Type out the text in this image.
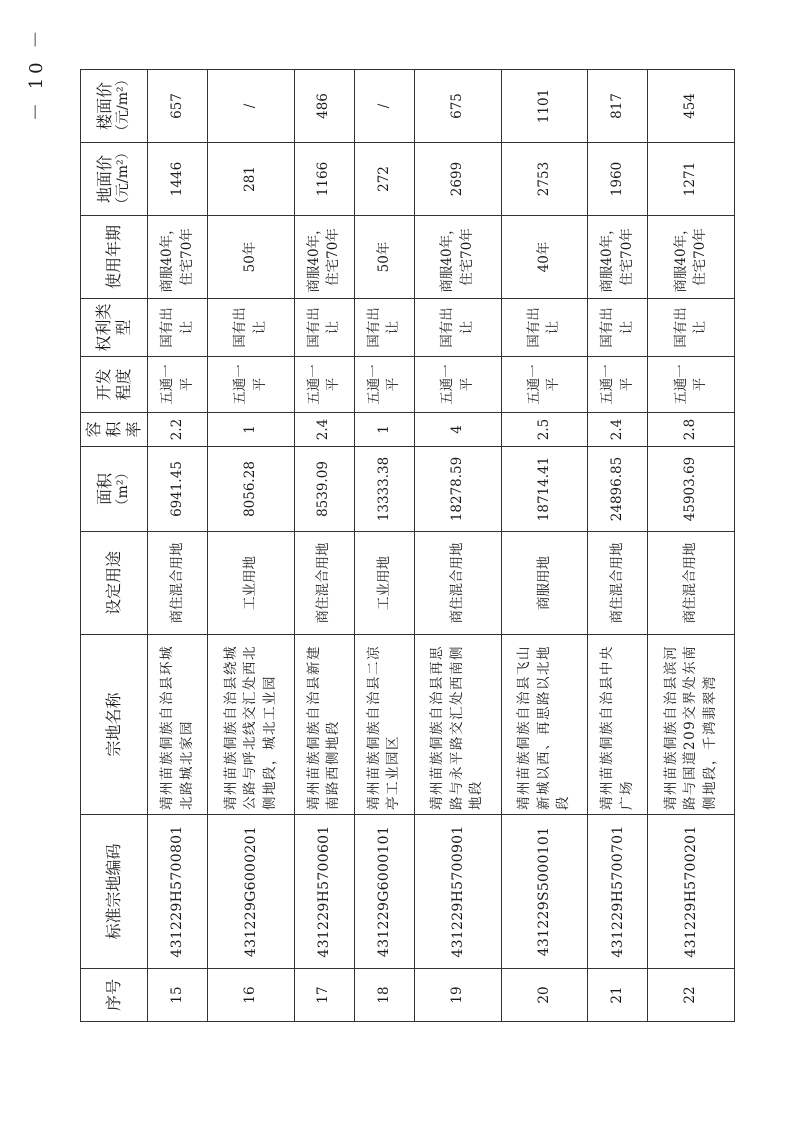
序号	标准宗地编码	宗地名称	设定用途	面积 （m²）	容积率	开发程度	权利类型	使用年期	地面价 （元/m²）	楼面价 （元/m²）

15	431229H5700801	靖州苗族侗族自治县环城北路城北家园	商住混合用地	6941.45	2.2	五通一平	国有出让	商服40年，住宅70年	1446	657
16	431229G6000201	靖州苗族侗族自治县绕城公路与呼北线交汇处西北侧地段，城北工业园	工业用地	8056.28	1	五通一平	国有出让	50年	281	/
17	431229H5700601	靖州苗族侗族自治县新建南路西侧地段	商住混合用地	8539.09	2.4	五通一平	国有出让	商服40年，住宅70年	1166	486
18	431229G6000101	靖州苗族侗族自治县二凉亭工业园区	工业用地	13333.38	1	五通一平	国有出让	50年	272	/
19	431229H5700901	靖州苗族侗族自治县再思路与永平路交汇处西南侧地段	商住混合用地	18278.59	4	五通一平	国有出让	商服40年，住宅70年	2699	675
20	431229S5000101	靖州苗族侗族自治县飞山新城以西、再思路以北地段	商服用地	18714.41	2.5	五通一平	国有出让	40年	2753	1101
21	431229H5700701	靖州苗族侗族自治县中央广场	商住混合用地	24896.85	2.4	五通一平	国有出让	商服40年，住宅70年	1960	817
22	431229H5700201	靖州苗族侗族自治县滨河路与国道209交界处东南侧地段，千鸿翡翠湾	商住混合用地	45903.69	2.8	五通一平	国有出让	商服40年，住宅70年	1271	454
－ 10 －
